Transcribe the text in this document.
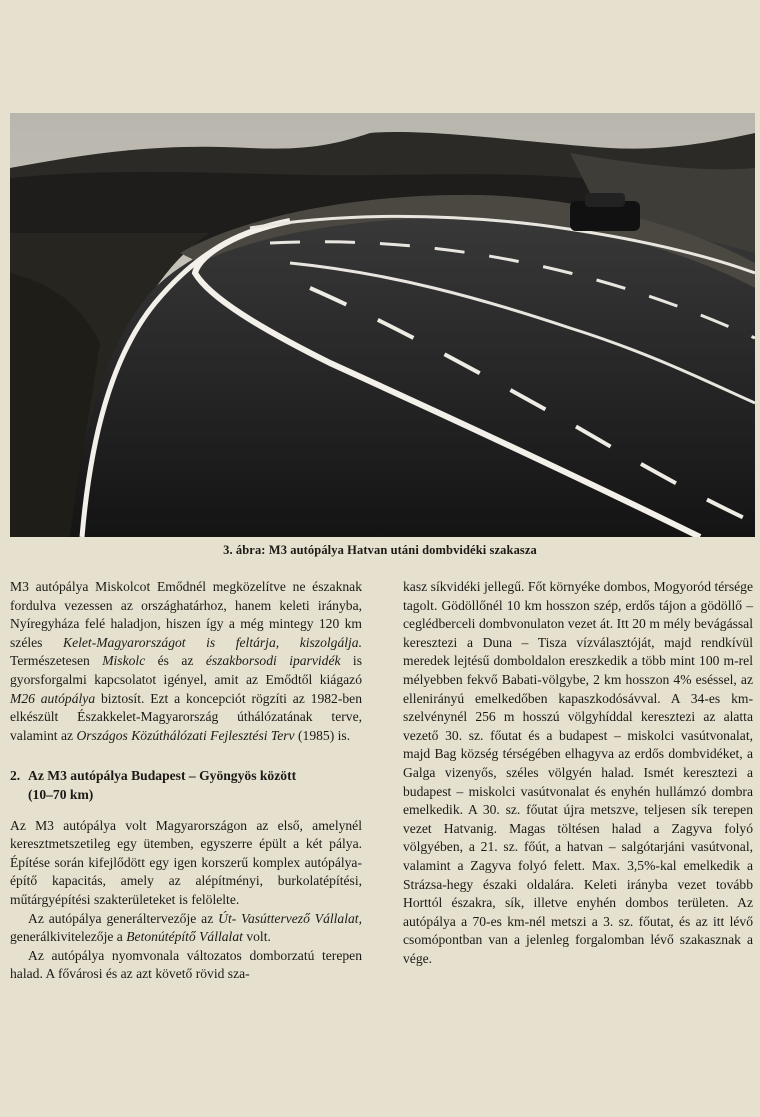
3. ábra: M3 autópálya Hatvan utáni dombvidéki szakasza

M3 autópálya Miskolcot Emődnél megközelítve ne északnak fordulva vezessen az országhatárhoz, hanem keleti irányba, Nyíregyháza felé haladjon, hiszen így a még mintegy 120 km széles Kelet-Magyarországot is feltárja, kiszolgálja. Természetesen Miskolc és az északborsodi iparvidék is gyorsforgalmi kapcsolatot igényel, amit az Emődtől kiágazó M26 autópálya biztosít. Ezt a koncepciót rögzíti az 1982-ben elkészült Északkelet-Magyarország úthálózatának terve, valamint az Országos Közúthálózati Fejlesztési Terv (1985) is.

2. Az M3 autópálya Budapest – Gyöngyös között
(10–70 km)

Az M3 autópálya volt Magyarországon az első, amelynél keresztmetszetileg egy ütemben, egyszerre épült a két pálya. Építése során kifejlődött egy igen korszerű komplex autópálya-építő kapacitás, amely az alépítményi, burkolatépítési, műtárgyépítési szakterületeket is felölelte.

Az autópálya generáltervezője az Út- Vasúttervező Vállalat, generálkivitelezője a Betonútépítő Vállalat volt.

Az autópálya nyomvonala változatos domborzatú terepen halad. A fővárosi és az azt követő rövid sza-

kasz síkvidéki jellegű. Főt környéke dombos, Mogyoród térsége tagolt. Gödöllőnél 10 km hosszon szép, erdős tájon a gödöllő – ceglédberceli dombvonulaton vezet át. Itt 20 m mély bevágással keresztezi a Duna – Tisza vízválasztóját, majd rendkívül meredek lejtésű domboldalon ereszkedik a több mint 100 m-rel mélyebben fekvő Babati-völgybe, 2 km hosszon 4% eséssel, az ellenirányú emelkedőben kapaszkodósávval. A 34-es km-szelvénynél 256 m hosszú völgyhíddal keresztezi az alatta vezető 30. sz. főutat és a budapest – miskolci vasútvonalat, majd Bag község térségében elhagyva az erdős dombvidéket, a Galga vizenyős, széles völgyén halad. Ismét keresztezi a budapest – miskolci vasútvonalat és enyhén hullámzó dombra emelkedik. A 30. sz. főutat újra metszve, teljesen sík terepen vezet Hatvanig. Magas töltésen halad a Zagyva folyó völgyében, a 21. sz. főút, a hatvan – salgótarjáni vasútvonal, valamint a Zagyva folyó felett. Max. 3,5%-kal emelkedik a Strázsa-hegy északi oldalára. Keleti irányba vezet tovább Horttól északra, sík, illetve enyhén dombos területen. Az autópálya a 70-es km-nél metszi a 3. sz. főutat, és az itt lévő csomópontban van a jelenleg forgalomban lévő szakasznak a vége.
